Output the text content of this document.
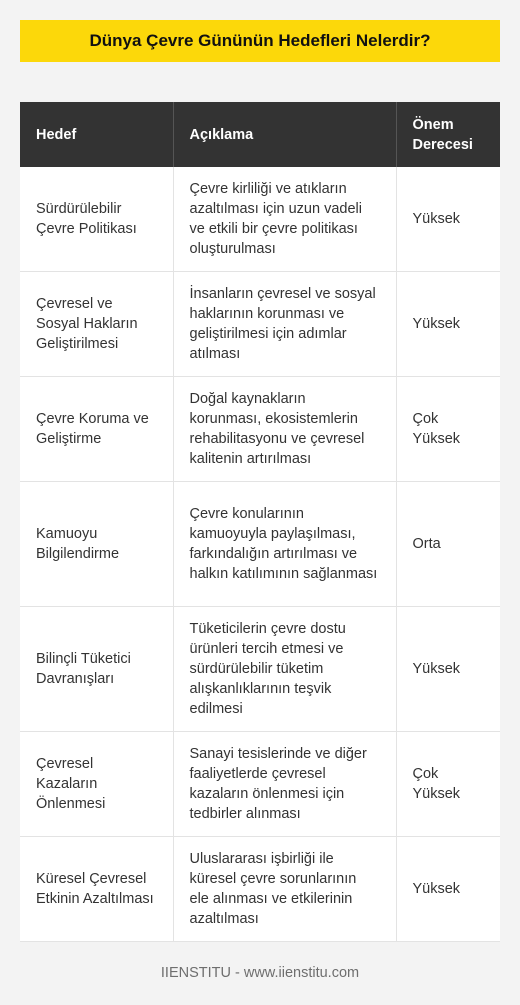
Dünya Çevre Gününün Hedefleri Nelerdir?
Hedef	Açıklama	Önem Derecesi
Sürdürülebilir Çevre Politikası	Çevre kirliliği ve atıkların azaltılması için uzun vadeli ve etkili bir çevre politikası oluşturulması	Yüksek
Çevresel ve Sosyal Hakların Geliştirilmesi	İnsanların çevresel ve sosyal haklarının korunması ve geliştirilmesi için adımlar atılması	Yüksek
Çevre Koruma ve Geliştirme	Doğal kaynakların korunması, ekosistemlerin rehabilitasyonu ve çevresel kalitenin artırılması	Çok Yüksek
Kamuoyu Bilgilendirme	Çevre konularının kamuoyuyla paylaşılması, farkındalığın artırılması ve halkın katılımının sağlanması	Orta
Bilinçli Tüketici Davranışları	Tüketicilerin çevre dostu ürünleri tercih etmesi ve sürdürülebilir tüketim alışkanlıklarının teşvik edilmesi	Yüksek
Çevresel Kazaların Önlenmesi	Sanayi tesislerinde ve diğer faaliyetlerde çevresel kazaların önlenmesi için tedbirler alınması	Çok Yüksek
Küresel Çevresel Etkinin Azaltılması	Uluslararası işbirliği ile küresel çevre sorunlarının ele alınması ve etkilerinin azaltılması	Yüksek
IIENSTITU - www.iienstitu.com
